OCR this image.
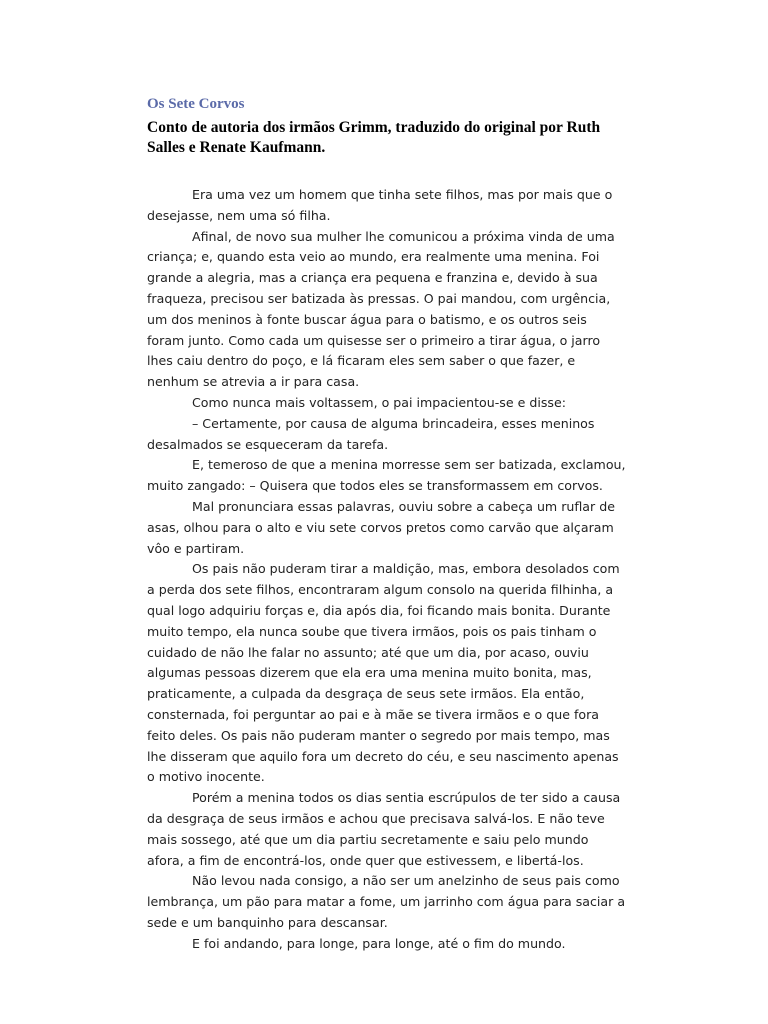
Os Sete Corvos
Conto de autoria dos irmãos Grimm, traduzido do original por Ruth Salles e Renate Kaufmann.

Era uma vez um homem que tinha sete filhos, mas por mais que o desejasse, nem uma só filha.

Afinal, de novo sua mulher lhe comunicou a próxima vinda de uma criança; e, quando esta veio ao mundo, era realmente uma menina. Foi grande a alegria, mas a criança era pequena e franzina e, devido à sua fraqueza, precisou ser batizada às pressas. O pai mandou, com urgência, um dos meninos à fonte buscar água para o batismo, e os outros seis foram junto. Como cada um quisesse ser o primeiro a tirar água, o jarro lhes caiu dentro do poço, e lá ficaram eles sem saber o que fazer, e nenhum se atrevia a ir para casa.

Como nunca mais voltassem, o pai impacientou-se e disse:

– Certamente, por causa de alguma brincadeira, esses meninos desalmados se esqueceram da tarefa.

E, temeroso de que a menina morresse sem ser batizada, exclamou, muito zangado: – Quisera que todos eles se transformassem em corvos.

Mal pronunciara essas palavras, ouviu sobre a cabeça um ruflar de asas, olhou para o alto e viu sete corvos pretos como carvão que alçaram vôo e partiram.

Os pais não puderam tirar a maldição, mas, embora desolados com a perda dos sete filhos, encontraram algum consolo na querida filhinha, a qual logo adquiriu forças e, dia após dia, foi ficando mais bonita. Durante muito tempo, ela nunca soube que tivera irmãos, pois os pais tinham o cuidado de não lhe falar no assunto; até que um dia, por acaso, ouviu algumas pessoas dizerem que ela era uma menina muito bonita, mas, praticamente, a culpada da desgraça de seus sete irmãos. Ela então, consternada, foi perguntar ao pai e à mãe se tivera irmãos e o que fora feito deles. Os pais não puderam manter o segredo por mais tempo, mas lhe disseram que aquilo fora um decreto do céu, e seu nascimento apenas o motivo inocente.

Porém a menina todos os dias sentia escrúpulos de ter sido a causa da desgraça de seus irmãos e achou que precisava salvá-los. E não teve mais sossego, até que um dia partiu secretamente e saiu pelo mundo afora, a fim de encontrá-los, onde quer que estivessem, e libertá-los.

Não levou nada consigo, a não ser um anelzinho de seus pais como lembrança, um pão para matar a fome, um jarrinho com água para saciar a sede e um banquinho para descansar.

E foi andando, para longe, para longe, até o fim do mundo.
